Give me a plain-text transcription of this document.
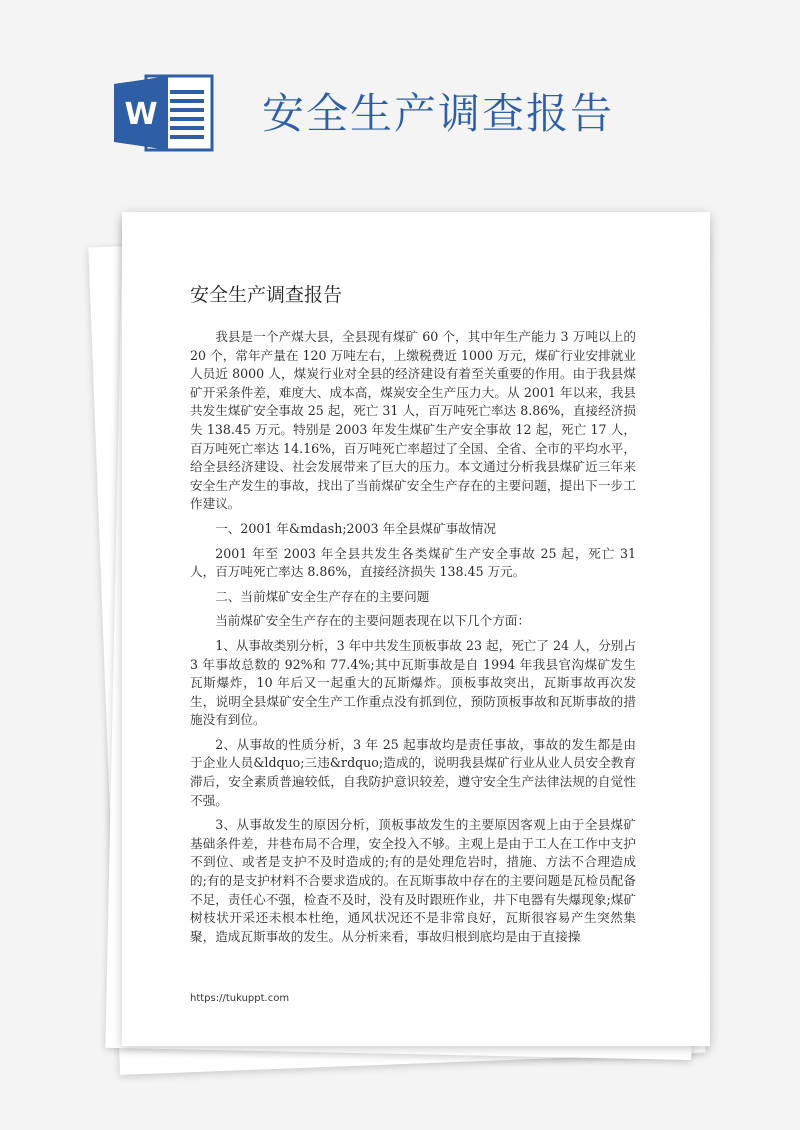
W 安全生产调查报告
安全生产调查报告

我县是一个产煤大县，全县现有煤矿 60 个，其中年生产能力 3 万吨以上的 20 个，常年产量在 120 万吨左右，上缴税费近 1000 万元，煤矿行业安排就业人员近 8000 人，煤炭行业对全县的经济建设有着至关重要的作用。由于我县煤矿开采条件差，难度大、成本高，煤炭安全生产压力大。从 2001 年以来，我县共发生煤矿安全事故 25 起，死亡 31 人，百万吨死亡率达 8.86%，直接经济损失 138.45 万元。特别是 2003 年发生煤矿生产安全事故 12 起，死亡 17 人，百万吨死亡率达 14.16%，百万吨死亡率超过了全国、全省、全市的平均水平，给全县经济建设、社会发展带来了巨大的压力。本文通过分析我县煤矿近三年来安全生产发生的事故，找出了当前煤矿安全生产存在的主要问题，提出下一步工作建议。

一、2001 年&mdash;2003 年全县煤矿事故情况

2001 年至 2003 年全县共发生各类煤矿生产安全事故 25 起，死亡 31 人，百万吨死亡率达 8.86%，直接经济损失 138.45 万元。

二、当前煤矿安全生产存在的主要问题

当前煤矿安全生产存在的主要问题表现在以下几个方面：

1、从事故类别分析，3 年中共发生顶板事故 23 起，死亡了 24 人，分别占 3 年事故总数的 92%和 77.4%;其中瓦斯事故是自 1994 年我县官沟煤矿发生瓦斯爆炸，10 年后又一起重大的瓦斯爆炸。顶板事故突出，瓦斯事故再次发生，说明全县煤矿安全生产工作重点没有抓到位，预防顶板事故和瓦斯事故的措施没有到位。

2、从事故的性质分析，3 年 25 起事故均是责任事故，事故的发生都是由于企业人员&ldquo;三违&rdquo;造成的，说明我县煤矿行业从业人员安全教育滞后，安全素质普遍较低，自我防护意识较差，遵守安全生产法律法规的自觉性不强。

3、从事故发生的原因分析，顶板事故发生的主要原因客观上由于全县煤矿基础条件差，井巷布局不合理，安全投入不够。主观上是由于工人在工作中支护不到位、或者是支护不及时造成的;有的是处理危岩时，措施、方法不合理造成的;有的是支护材料不合要求造成的。在瓦斯事故中存在的主要问题是瓦检员配备不足，责任心不强，检查不及时，没有及时跟班作业，井下电器有失爆现象;煤矿树枝状开采还未根本杜绝，通风状况还不是非常良好，瓦斯很容易产生突然集聚，造成瓦斯事故的发生。从分析来看，事故归根到底均是由于直接操

https://tukuppt.com
